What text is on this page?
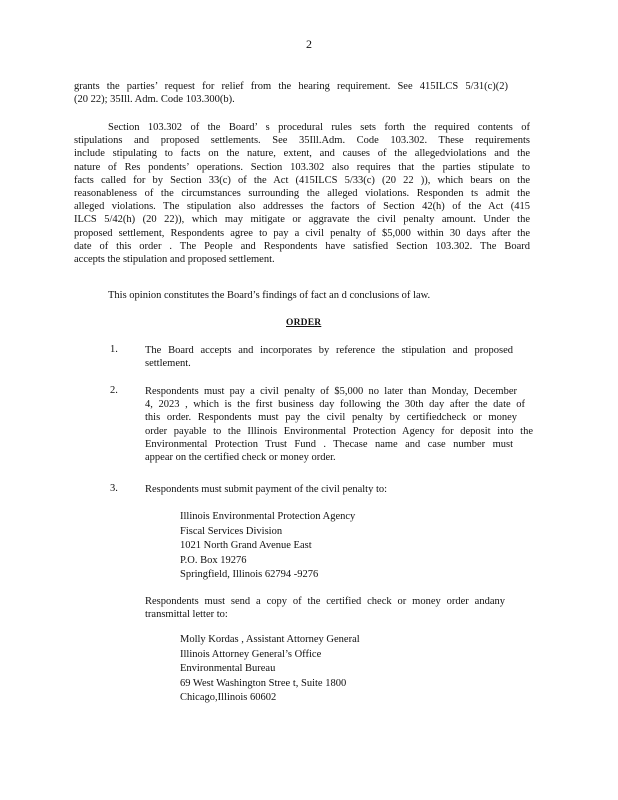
2
grants the parties’ request for relief from the hearing requirement. See 415ILCS 5/31(c)(2)
(20 22); 35Ill. Adm. Code 103.300(b).
Section 103.302 of the Board’ s procedural rules sets forth the required contents of
stipulations and proposed settlements. See 35Ill.Adm. Code 103.302. These requirements
include stipulating to facts on the nature, extent, and causes of the allegedviolations and the
nature of Res pondents’ operations. Section 103.302 also requires that the parties stipulate to
facts called for by Section 33(c) of the Act (415ILCS 5/33(c) (20 22 )), which bears on the
reasonableness of the circumstances surrounding the alleged violations. Responden ts admit the
alleged violations. The stipulation also addresses the factors of Section 42(h) of the Act (415
ILCS 5/42(h) (20 22)), which may mitigate or aggravate the civil penalty amount. Under the
proposed settlement, Respondents agree to pay a civil penalty of $5,000 within 30 days after the
date of this order . The People and Respondents have satisfied Section 103.302. The Board
accepts the stipulation and proposed settlement.
This opinion constitutes the Board’s findings of fact an d conclusions of law.
ORDER
1.	The Board accepts and incorporates by reference the stipulation and proposed
settlement.
2.	Respondents must pay a civil penalty of $5,000 no later than Monday, December
4, 2023 , which is the first business day following the 30th day after the date of
this order. Respondents must pay the civil penalty by certifiedcheck or money
order payable to the Illinois Environmental Protection Agency for deposit into the
Environmental Protection Trust Fund . Thecase name and case number must
appear on the certified check or money order.
3.	Respondents must submit payment of the civil penalty to:
Illinois Environmental Protection Agency
Fiscal Services Division
1021 North Grand Avenue East
P.O. Box 19276
Springfield, Illinois 62794 -9276
Respondents must send a copy of the certified check or money order andany
transmittal letter to:
Molly Kordas , Assistant Attorney General
Illinois Attorney General’s Office
Environmental Bureau
69 West Washington Stree t, Suite 1800
Chicago,Illinois 60602
